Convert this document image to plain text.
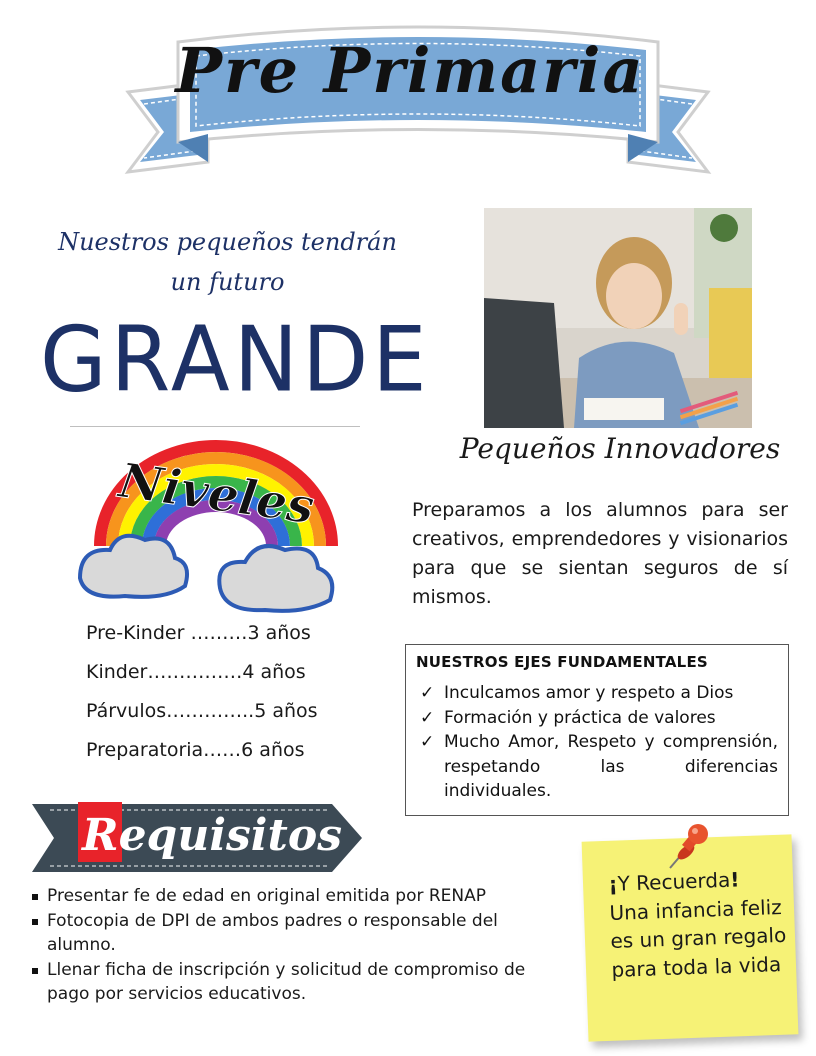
Pre Primaria
Nuestros pequeños tendrán
un futuro
GRANDE
Pequeños Innovadores
Preparamos a los alumnos para ser creativos, emprendedores y visionarios para que se sientan seguros de sí mismos.
Niveles
Pre-Kinder ………3 años
Kinder……………4 años
Párvulos…………..5 años
Preparatoria……6 años
NUESTROS EJES FUNDAMENTALES
✓ Inculcamos amor y respeto a Dios
✓ Formación y práctica de valores
✓ Mucho Amor, Respeto y comprensión, respetando las diferencias individuales.
Requisitos
Presentar fe de edad en original emitida por RENAP
Fotocopia de DPI de ambos padres o responsable del alumno.
Llenar ficha de inscripción y solicitud de compromiso de pago por servicios educativos.
¡Y Recuerda!
Una infancia feliz es un gran regalo para toda la vida
